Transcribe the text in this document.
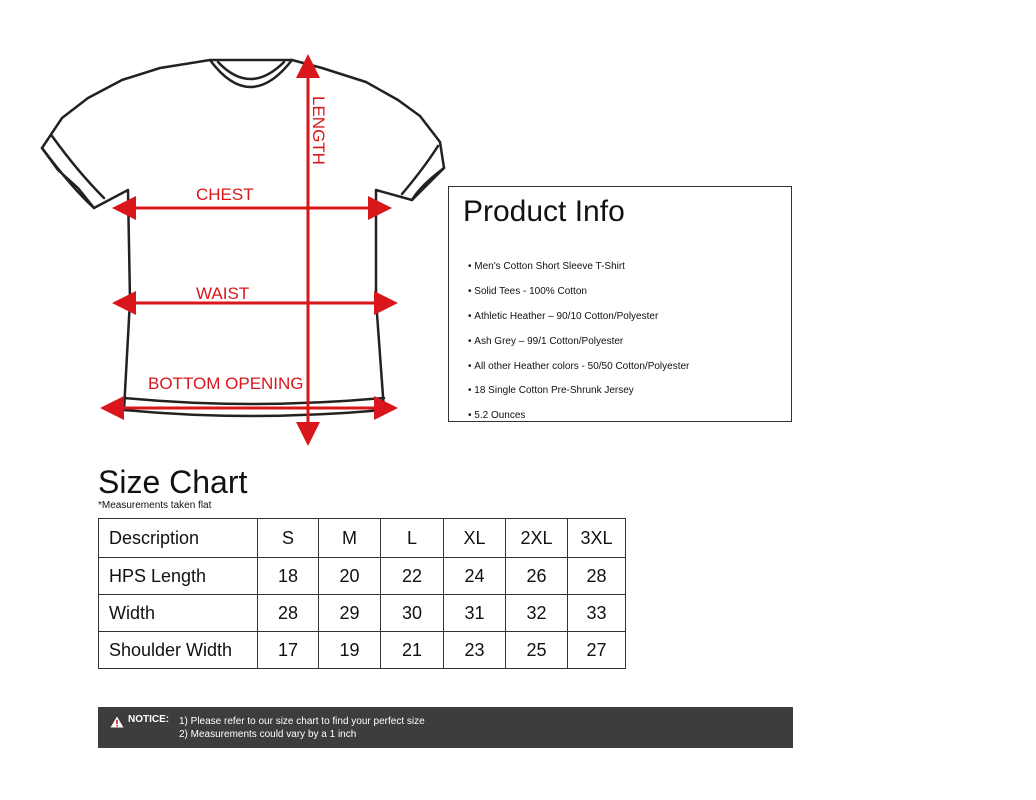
LENGTH
CHEST
WAIST
BOTTOM OPENING
Product Info
• Men's Cotton Short Sleeve T-Shirt
• Solid Tees - 100% Cotton
• Athletic Heather – 90/10 Cotton/Polyester
• Ash Grey – 99/1 Cotton/Polyester
• All other Heather colors - 50/50 Cotton/Polyester
• 18 Single Cotton Pre-Shrunk Jersey
• 5.2 Ounces
Size Chart
*Measurements taken flat
Description	S	M	L	XL	2XL	3XL
HPS Length	18	20	22	24	26	28
Width	28	29	30	31	32	33
Shoulder Width	17	19	21	23	25	27
NOTICE: 1) Please refer to our size chart to find your perfect size
2) Measurements could vary by a 1 inch
